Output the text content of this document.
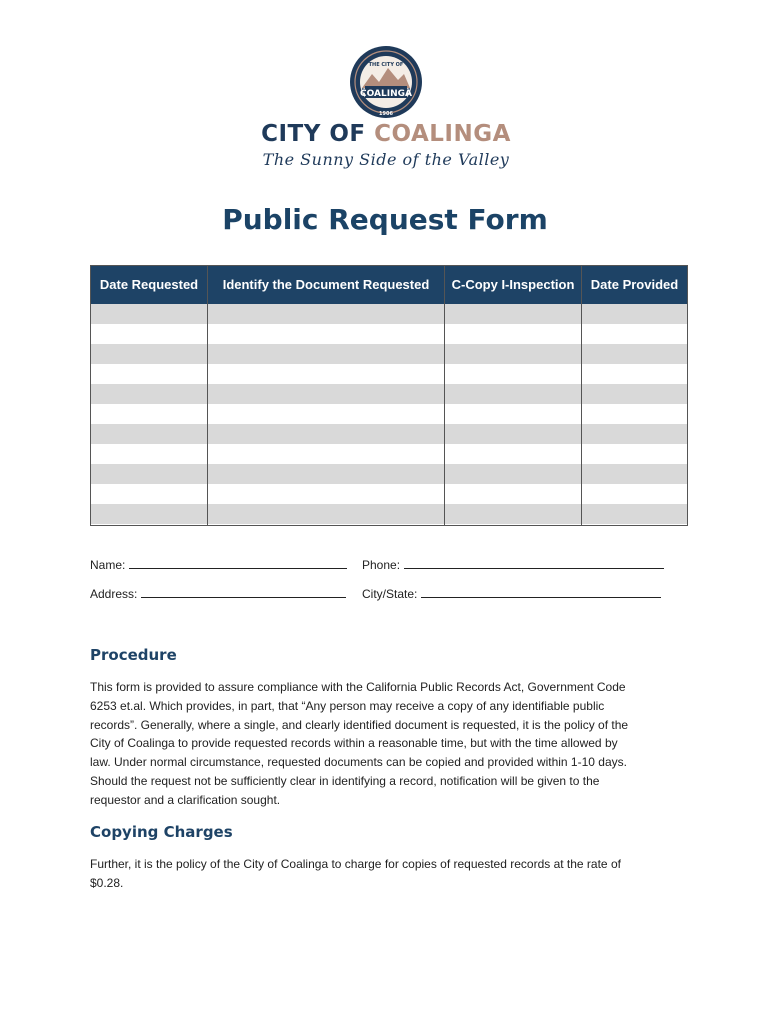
COALINGA
THE CITY OF
1906
CITY OF COALINGA
The Sunny Side of the Valley
Public Request Form
Date Requested	Identify the Document Requested	C-Copy I-Inspection	Date Provided
Name:	Phone:
Address:	City/State:
Procedure
This form is provided to assure compliance with the California Public Records Act, Government Code
6253 et.al. Which provides, in part, that “Any person may receive a copy of any identifiable public
records”. Generally, where a single, and clearly identified document is requested, it is the policy of the
City of Coalinga to provide requested records within a reasonable time, but with the time allowed by
law. Under normal circumstance, requested documents can be copied and provided within 1-10 days.
Should the request not be sufficiently clear in identifying a record, notification will be given to the
requestor and a clarification sought.
Copying Charges
Further, it is the policy of the City of Coalinga to charge for copies of requested records at the rate of
$0.28.
